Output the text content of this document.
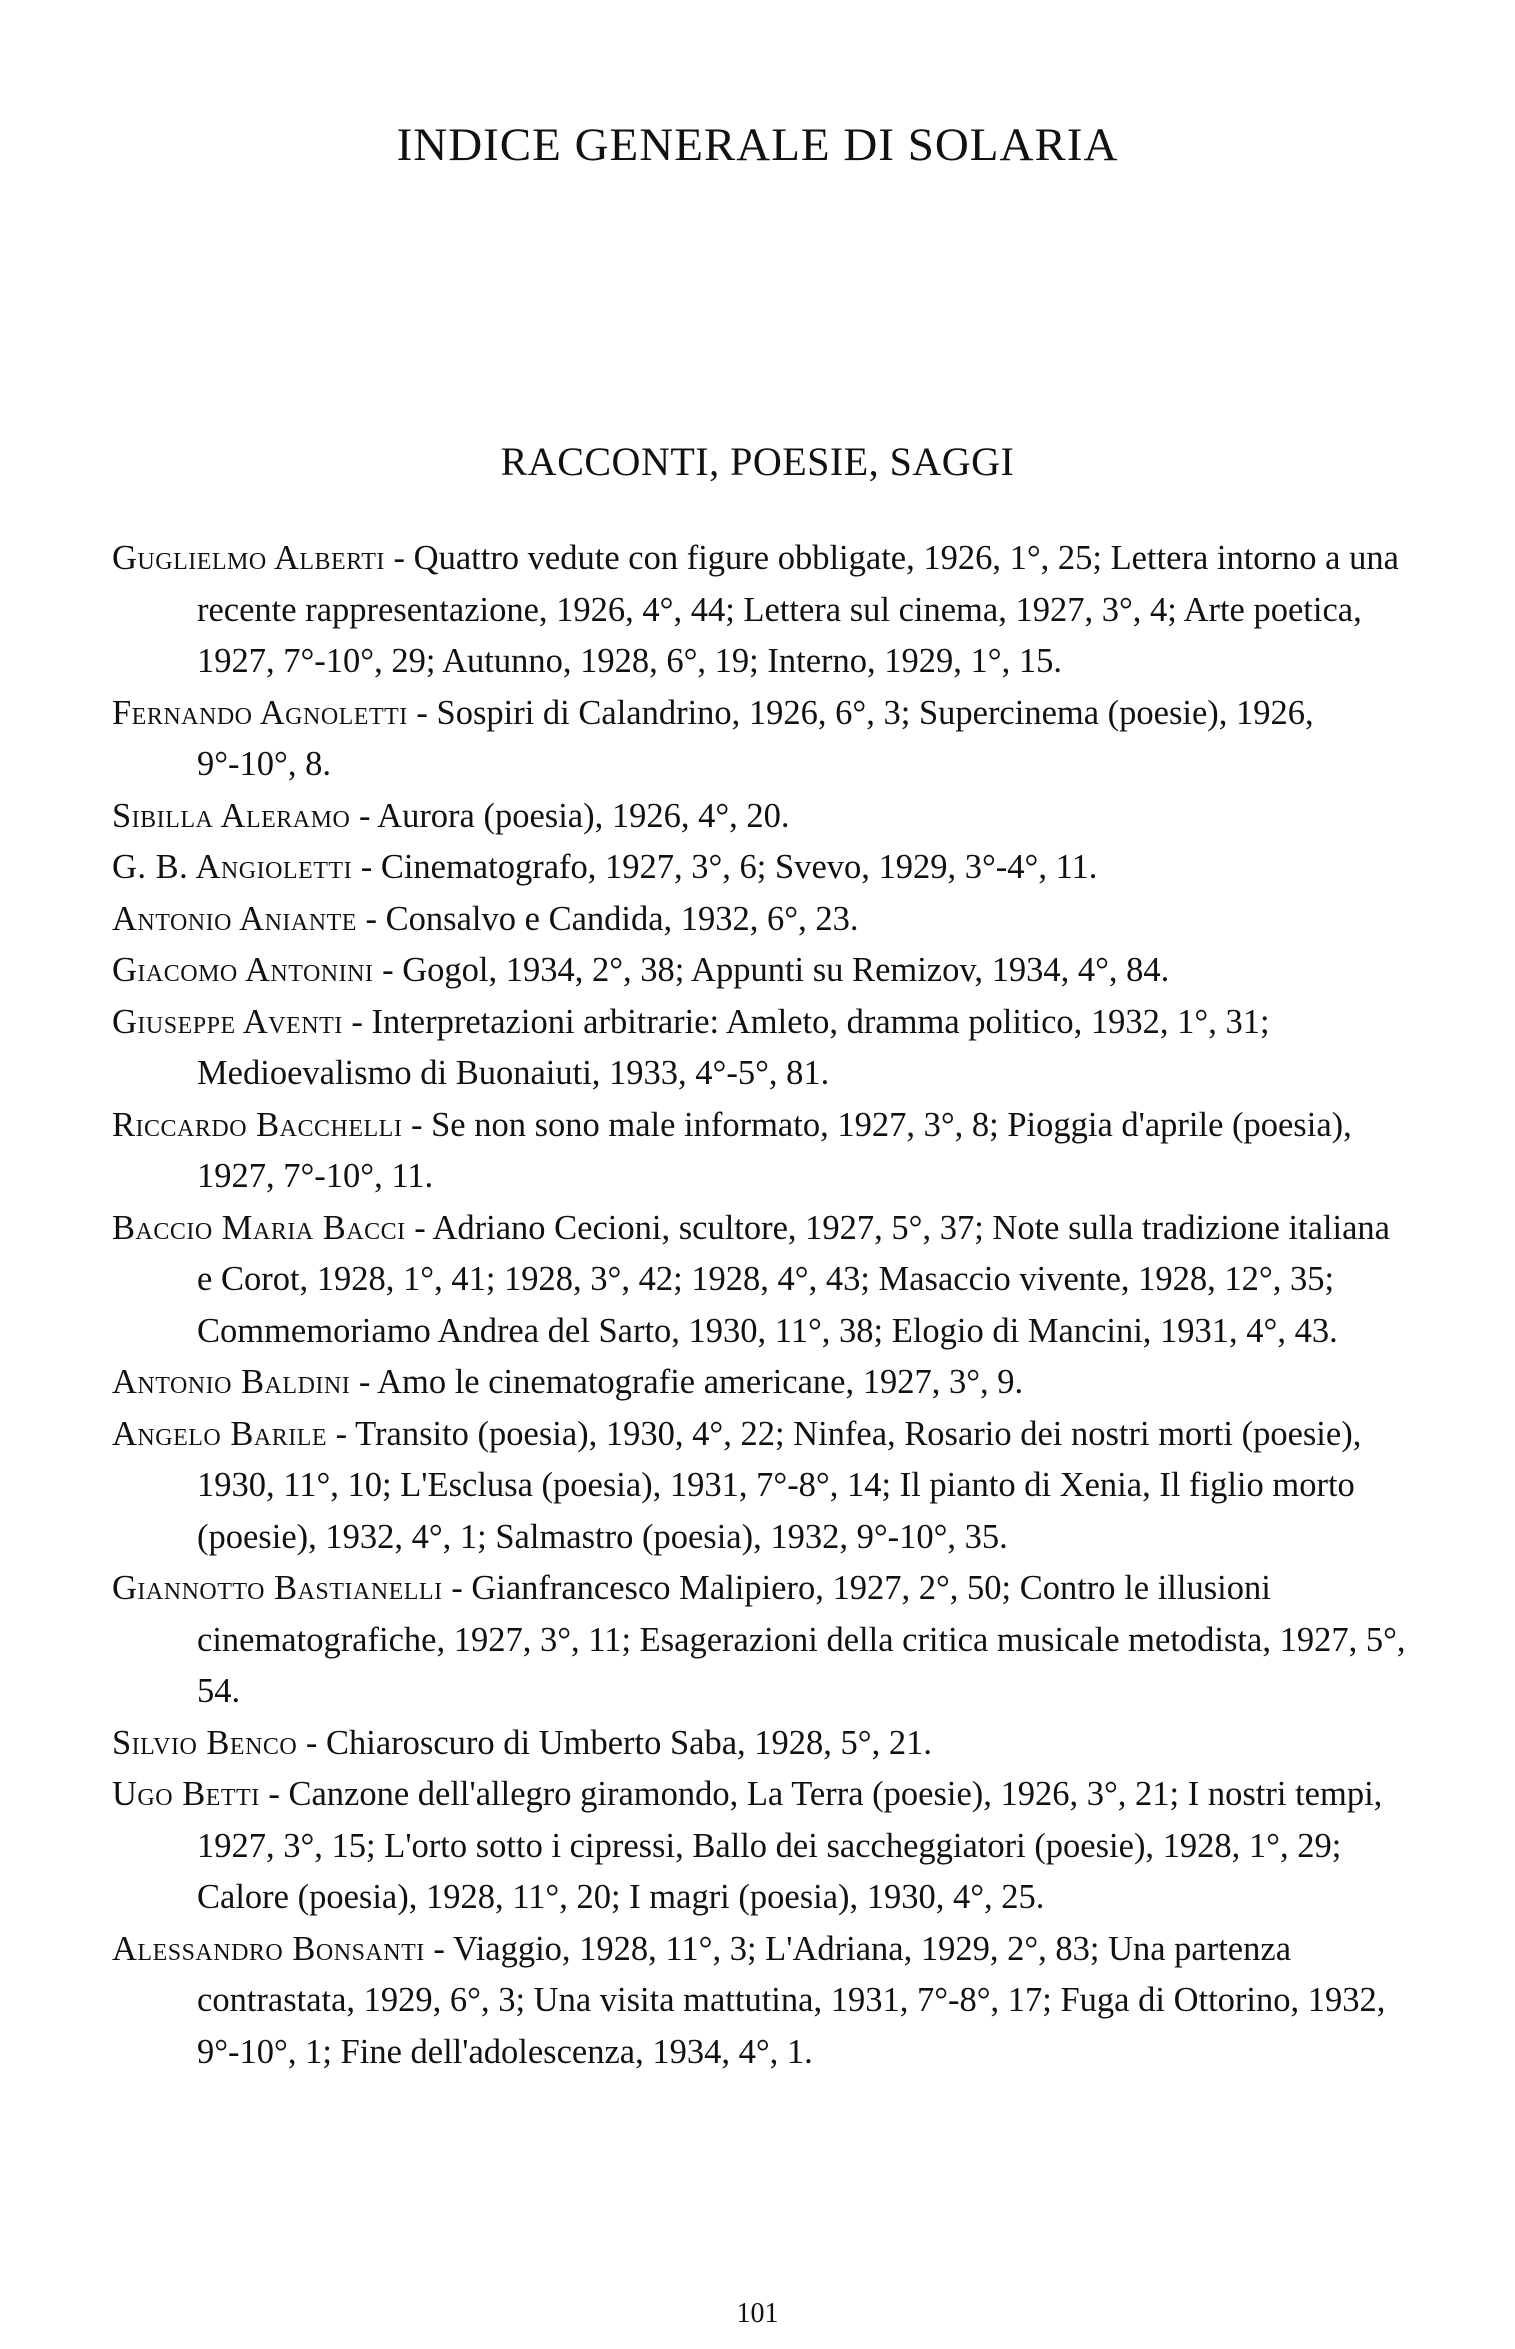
INDICE GENERALE DI SOLARIA
RACCONTI, POESIE, SAGGI

Guglielmo Alberti - Quattro vedute con figure obbligate, 1926, 1°, 25; Lettera intorno a una recente rappresentazione, 1926, 4°, 44; Lettera sul cinema, 1927, 3°, 4; Arte poetica, 1927, 7°-10°, 29; Autunno, 1928, 6°, 19; Interno, 1929, 1°, 15.

Fernando Agnoletti - Sospiri di Calandrino, 1926, 6°, 3; Supercinema (poesie), 1926, 9°-10°, 8.

Sibilla Aleramo - Aurora (poesia), 1926, 4°, 20.

G. B. Angioletti - Cinematografo, 1927, 3°, 6; Svevo, 1929, 3°-4°, 11.

Antonio Aniante - Consalvo e Candida, 1932, 6°, 23.

Giacomo Antonini - Gogol, 1934, 2°, 38; Appunti su Remizov, 1934, 4°, 84.

Giuseppe Aventi - Interpretazioni arbitrarie: Amleto, dramma politico, 1932, 1°, 31; Medioevalismo di Buonaiuti, 1933, 4°-5°, 81.

Riccardo Bacchelli - Se non sono male informato, 1927, 3°, 8; Pioggia d'aprile (poesia), 1927, 7°-10°, 11.

Baccio Maria Bacci - Adriano Cecioni, scultore, 1927, 5°, 37; Note sulla tradizione italiana e Corot, 1928, 1°, 41; 1928, 3°, 42; 1928, 4°, 43; Masaccio vivente, 1928, 12°, 35; Commemoriamo Andrea del Sarto, 1930, 11°, 38; Elogio di Mancini, 1931, 4°, 43.

Antonio Baldini - Amo le cinematografie americane, 1927, 3°, 9.

Angelo Barile - Transito (poesia), 1930, 4°, 22; Ninfea, Rosario dei nostri morti (poesie), 1930, 11°, 10; L'Esclusa (poesia), 1931, 7°-8°, 14; Il pianto di Xenia, Il figlio morto (poesie), 1932, 4°, 1; Salmastro (poesia), 1932, 9°-10°, 35.

Giannotto Bastianelli - Gianfrancesco Malipiero, 1927, 2°, 50; Contro le illusioni cinematografiche, 1927, 3°, 11; Esagerazioni della critica musicale metodista, 1927, 5°, 54.

Silvio Benco - Chiaroscuro di Umberto Saba, 1928, 5°, 21.

Ugo Betti - Canzone dell'allegro giramondo, La Terra (poesie), 1926, 3°, 21; I nostri tempi, 1927, 3°, 15; L'orto sotto i cipressi, Ballo dei saccheggiatori (poesie), 1928, 1°, 29; Calore (poesia), 1928, 11°, 20; I magri (poesia), 1930, 4°, 25.

Alessandro Bonsanti - Viaggio, 1928, 11°, 3; L'Adriana, 1929, 2°, 83; Una partenza contrastata, 1929, 6°, 3; Una visita mattutina, 1931, 7°-8°, 17; Fuga di Ottorino, 1932, 9°-10°, 1; Fine dell'adolescenza, 1934, 4°, 1.

101
